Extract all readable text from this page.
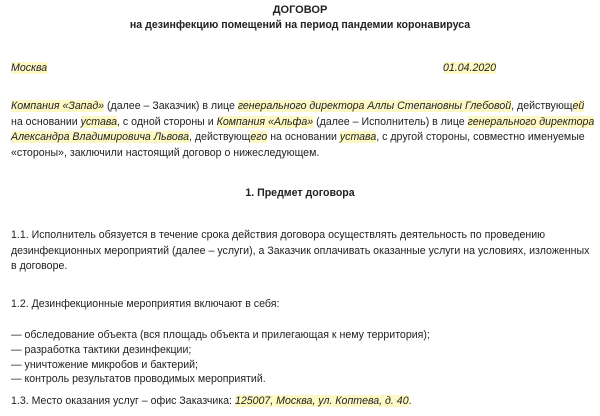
ДОГОВОР
на дезинфекцию помещений на период пандемии коронавируса
Москва	01.04.2020
Компания «Запад» (далее – Заказчик) в лице генерального директора Аллы Степановны Глебовой, действующей на основании устава, с одной стороны и Компания «Альфа» (далее – Исполнитель) в лице генерального директора Александра Владимировича Львова, действующего на основании устава, с другой стороны, совместно именуемые «стороны», заключили настоящий договор о нижеследующем.
1. Предмет договора
1.1. Исполнитель обязуется в течение срока действия договора осуществлять деятельность по проведению дезинфекционных мероприятий (далее – услуги), а Заказчик оплачивать оказанные услуги на условиях, изложенных в договоре.
1.2. Дезинфекционные мероприятия включают в себя:
— обследование объекта (вся площадь объекта и прилегающая к нему территория);
— разработка тактики дезинфекции;
— уничтожение микробов и бактерий;
— контроль результатов проводимых мероприятий.
1.3. Место оказания услуг – офис Заказчика: 125007, Москва, ул. Коптева, д. 40.
